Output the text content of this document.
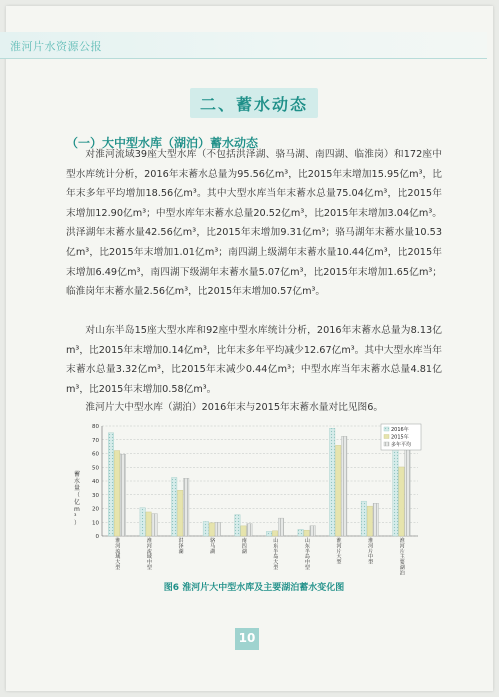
淮河片水资源公报
二、蓄水动态
（一）大中型水库（湖泊）蓄水动态

对淮河流域39座大型水库（不包括洪泽湖、骆马湖、南四湖、临淮岗）和172座中型水库统计分析，2016年末蓄水总量为95.56亿m³，比2015年末增加15.95亿m³，比年末多年平均增加18.56亿m³。其中大型水库当年末蓄水总量75.04亿m³，比2015年末增加12.90亿m³；中型水库年末蓄水总量20.52亿m³，比2015年末增加3.04亿m³。洪泽湖年末蓄水量42.56亿m³，比2015年末增加9.31亿m³；骆马湖年末蓄水量10.53亿m³，比2015年末增加1.01亿m³；南四湖上级湖年末蓄水量10.44亿m³，比2015年末增加6.49亿m³，南四湖下级湖年末蓄水量5.07亿m³，比2015年末增加1.65亿m³；临淮岗年末蓄水量2.56亿m³，比2015年末增加0.57亿m³。

对山东半岛15座大型水库和92座中型水库统计分析，2016年末蓄水总量为8.13亿m³，比2015年末增加0.14亿m³，比年末多年平均减少12.67亿m³。其中大型水库当年末蓄水总量3.32亿m³，比2015年末减少0.44亿m³；中型水库当年末蓄水总量4.81亿m³，比2015年末增加0.58亿m³。

淮河片大中型水库（湖泊）2016年末与2015年末蓄水量对比见图6。

0
10
20
30
40
50
60
70
80
淮河流域大型
淮河流域中型
洪泽湖
骆马湖
南四湖
山东半岛大型
山东半岛中型
淮河片大型
淮河片中型
淮河片主要湖泊
2016年
2015年
多年平均
蓄水量（亿 m ³ ）
图6 淮河片大中型水库及主要湖泊蓄水变化图
10
